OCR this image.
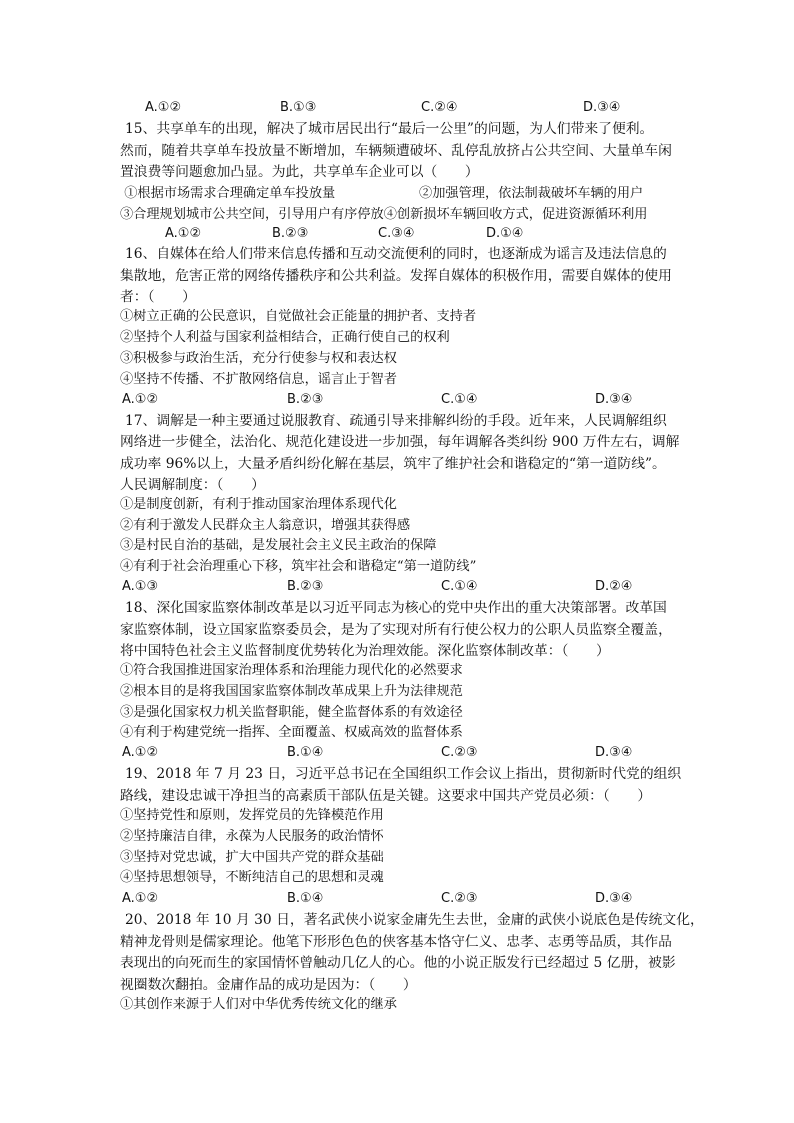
A.①②	B.①③	C.②④	D.③④
15、共享单车的出现，解决了城市居民出行“最后一公里”的问题，为人们带来了便利。
然而，随着共享单车投放量不断增加，车辆频遭破坏、乱停乱放挤占公共空间、大量单车闲
置浪费等问题愈加凸显。为此，共享单车企业可以（　　）
①根据市场需求合理确定单车投放量                    ②加强管理，依法制裁破坏车辆的用户
③合理规划城市公共空间，引导用户有序停放④创新损坏车辆回收方式，促进资源循环利用
A.①②	B.②③	C.③④	D.①④
16、自媒体在给人们带来信息传播和互动交流便利的同时，也逐渐成为谣言及违法信息的
集散地，危害正常的网络传播秩序和公共利益。发挥自媒体的积极作用，需要自媒体的使用
者：（　　）
①树立正确的公民意识，自觉做社会正能量的拥护者、支持者
②坚持个人利益与国家利益相结合，正确行使自己的权利
③积极参与政治生活，充分行使参与权和表达权
④坚持不传播、不扩散网络信息，谣言止于智者
A.①②	B.②③	C.①④	D.③④
17、调解是一种主要通过说服教育、疏通引导来排解纠纷的手段。近年来，人民调解组织
网络进一步健全，法治化、规范化建设进一步加强，每年调解各类纠纷 900 万件左右，调解
成功率 96%以上，大量矛盾纠纷化解在基层，筑牢了维护社会和谐稳定的“第一道防线”。
人民调解制度：（　　）
①是制度创新，有利于推动国家治理体系现代化
②有利于激发人民群众主人翁意识，增强其获得感
③是村民自治的基础，是发展社会主义民主政治的保障
④有利于社会治理重心下移，筑牢社会和谐稳定“第一道防线”
A.①③	B.②③	C.①④	D.②④
18、深化国家监察体制改革是以习近平同志为核心的党中央作出的重大决策部署。改革国
家监察体制，设立国家监察委员会，是为了实现对所有行使公权力的公职人员监察全覆盖，
将中国特色社会主义监督制度优势转化为治理效能。深化监察体制改革：（　　）
①符合我国推进国家治理体系和治理能力现代化的必然要求
②根本目的是将我国国家监察体制改革成果上升为法律规范
③是强化国家权力机关监督职能，健全监督体系的有效途径
④有利于构建党统一指挥、全面覆盖、权威高效的监督体系
A.①②	B.①④	C.②③	D.③④
19、2018 年 7 月 23 日，习近平总书记在全国组织工作会议上指出，贯彻新时代党的组织
路线，建设忠诚干净担当的高素质干部队伍是关键。这要求中国共产党员必须：（　　）
①坚持党性和原则，发挥党员的先锋模范作用
②坚持廉洁自律，永葆为人民服务的政治情怀
③坚持对党忠诚，扩大中国共产党的群众基础
④坚持思想领导，不断纯洁自己的思想和灵魂
A.①②	B.①④	C.②③	D.③④
20、2018 年 10 月 30 日，著名武侠小说家金庸先生去世，金庸的武侠小说底色是传统文化，
精神龙骨则是儒家理论。他笔下形形色色的侠客基本恪守仁义、忠孝、志勇等品质，其作品
表现出的向死而生的家国情怀曾触动几亿人的心。他的小说正版发行已经超过 5 亿册，被影
视圈数次翻拍。金庸作品的成功是因为：（　　）
①其创作来源于人们对中华优秀传统文化的继承
